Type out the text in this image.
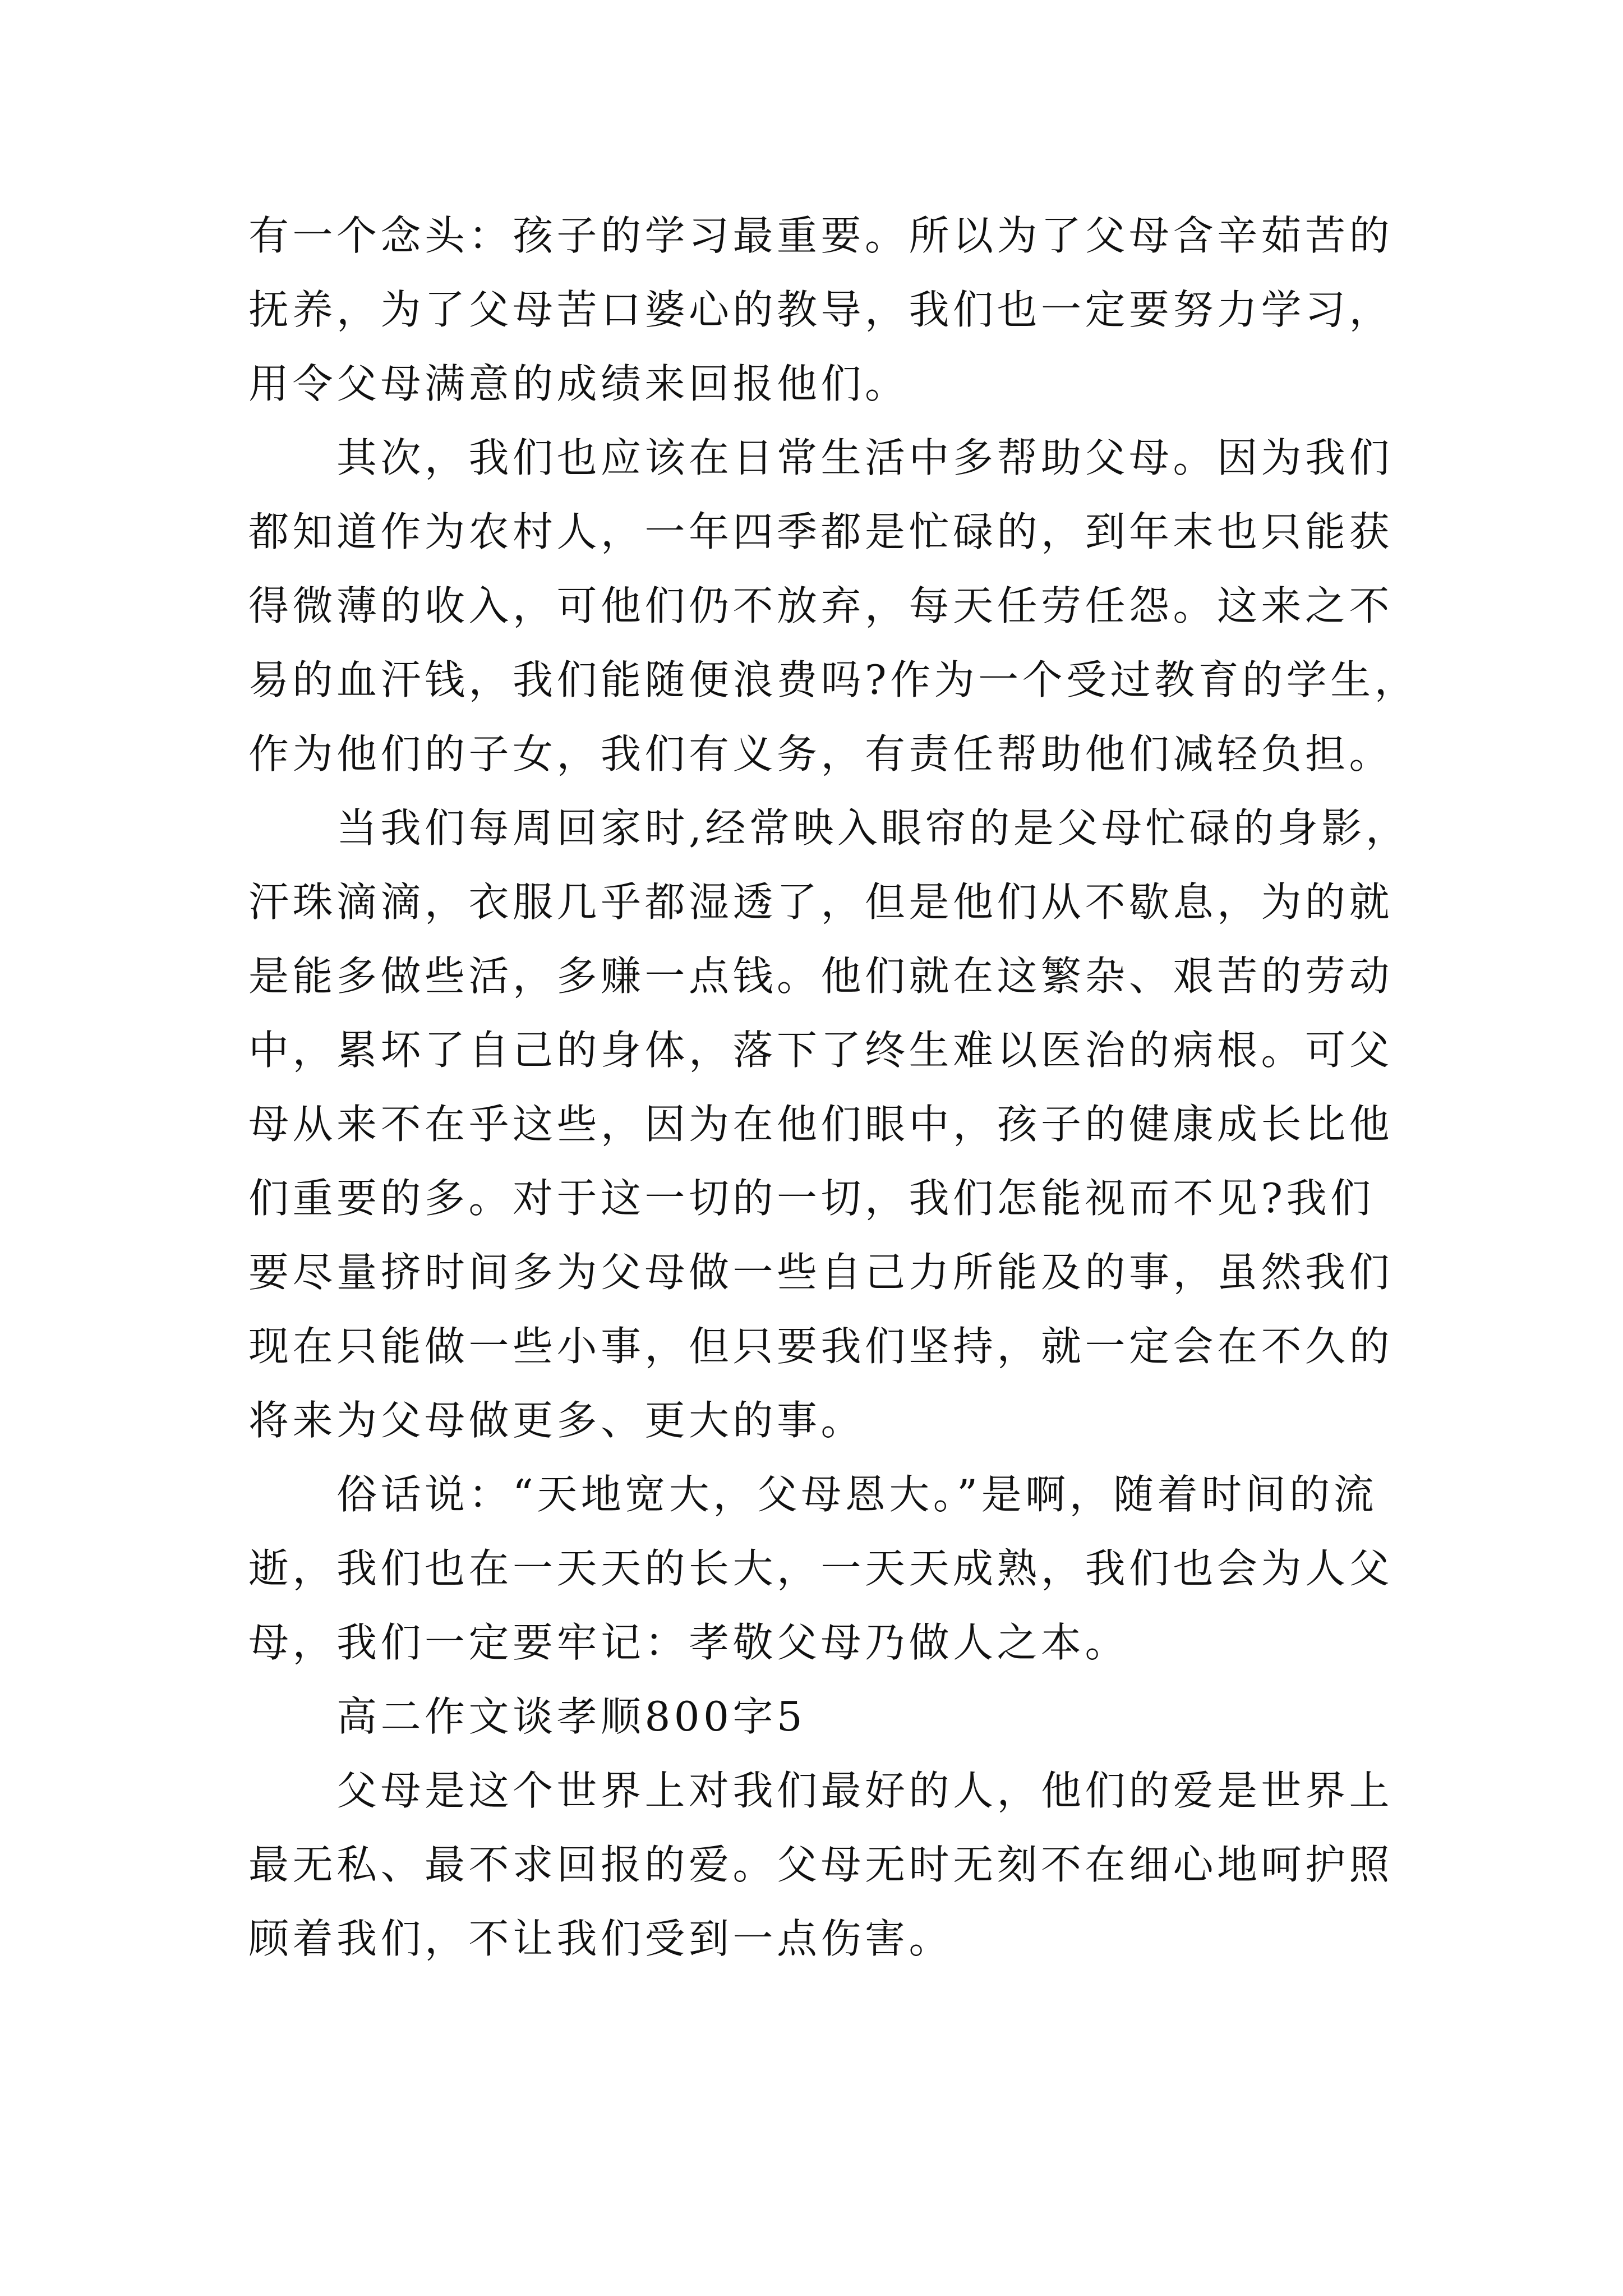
有一个念头：孩子的学习最重要。所以为了父母含辛茹苦的
抚养，为了父母苦口婆心的教导，我们也一定要努力学习，
用令父母满意的成绩来回报他们。
其次，我们也应该在日常生活中多帮助父母。因为我们
都知道作为农村人，一年四季都是忙碌的，到年末也只能获
得微薄的收入，可他们仍不放弃，每天任劳任怨。这来之不
易的血汗钱，我们能随便浪费吗?作为一个受过教育的学生，
作为他们的子女，我们有义务，有责任帮助他们减轻负担。
当我们每周回家时,经常映入眼帘的是父母忙碌的身影，
汗珠滴滴，衣服几乎都湿透了，但是他们从不歇息，为的就
是能多做些活，多赚一点钱。他们就在这繁杂、艰苦的劳动
中，累坏了自己的身体，落下了终生难以医治的病根。可父
母从来不在乎这些，因为在他们眼中，孩子的健康成长比他
们重要的多。对于这一切的一切，我们怎能视而不见?我们
要尽量挤时间多为父母做一些自己力所能及的事，虽然我们
现在只能做一些小事，但只要我们坚持，就一定会在不久的
将来为父母做更多、更大的事。
俗话说：“天地宽大，父母恩大。”是啊，随着时间的流
逝，我们也在一天天的长大，一天天成熟，我们也会为人父
母，我们一定要牢记：孝敬父母乃做人之本。
高二作文谈孝顺800字5
父母是这个世界上对我们最好的人，他们的爱是世界上
最无私、最不求回报的爱。父母无时无刻不在细心地呵护照
顾着我们，不让我们受到一点伤害。
